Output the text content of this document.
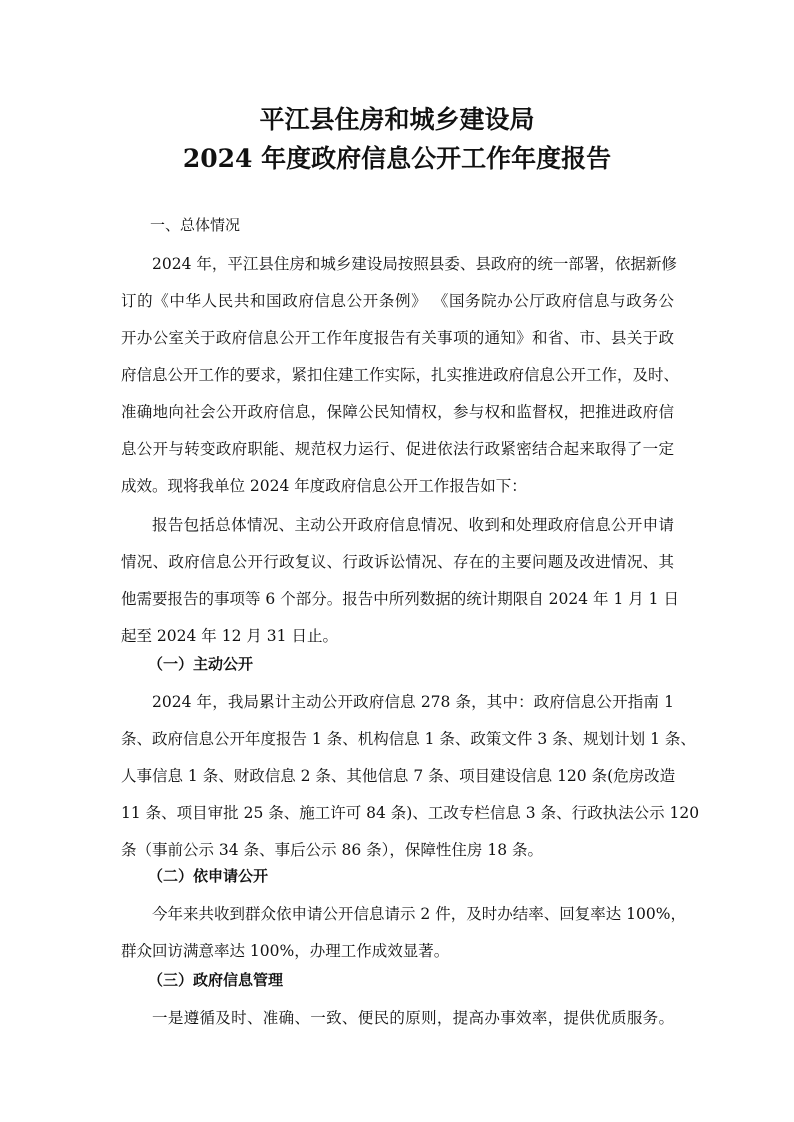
平江县住房和城乡建设局
2024 年度政府信息公开工作年度报告
一、总体情况
2024 年，平江县住房和城乡建设局按照县委、县政府的统一部署，依据新修
订的《中华人民共和国政府信息公开条例》 《国务院办公厅政府信息与政务公
开办公室关于政府信息公开工作年度报告有关事项的通知》和省、市、县关于政
府信息公开工作的要求，紧扣住建工作实际，扎实推进政府信息公开工作，及时、
准确地向社会公开政府信息，保障公民知情权，参与权和监督权，把推进政府信
息公开与转变政府职能、规范权力运行、促进依法行政紧密结合起来取得了一定
成效。现将我单位 2024 年度政府信息公开工作报告如下：
报告包括总体情况、主动公开政府信息情况、收到和处理政府信息公开申请
情况、政府信息公开行政复议、行政诉讼情况、存在的主要问题及改进情况、其
他需要报告的事项等 6 个部分。报告中所列数据的统计期限自 2024 年 1 月 1 日
起至 2024 年 12 月 31 日止。
（一）主动公开
2024 年，我局累计主动公开政府信息 278 条，其中：政府信息公开指南 1
条、政府信息公开年度报告 1 条、机构信息 1 条、政策文件 3 条、规划计划 1 条、
人事信息 1 条、财政信息 2 条、其他信息 7 条、项目建设信息 120 条(危房改造
11 条、项目审批 25 条、施工许可 84 条)、工改专栏信息 3 条、行政执法公示 120
条（事前公示 34 条、事后公示 86 条），保障性住房 18 条。
（二）依申请公开
今年来共收到群众依申请公开信息请示 2 件，及时办结率、回复率达 100%，
群众回访满意率达 100%，办理工作成效显著。
（三）政府信息管理
一是遵循及时、准确、一致、便民的原则，提高办事效率，提供优质服务。
